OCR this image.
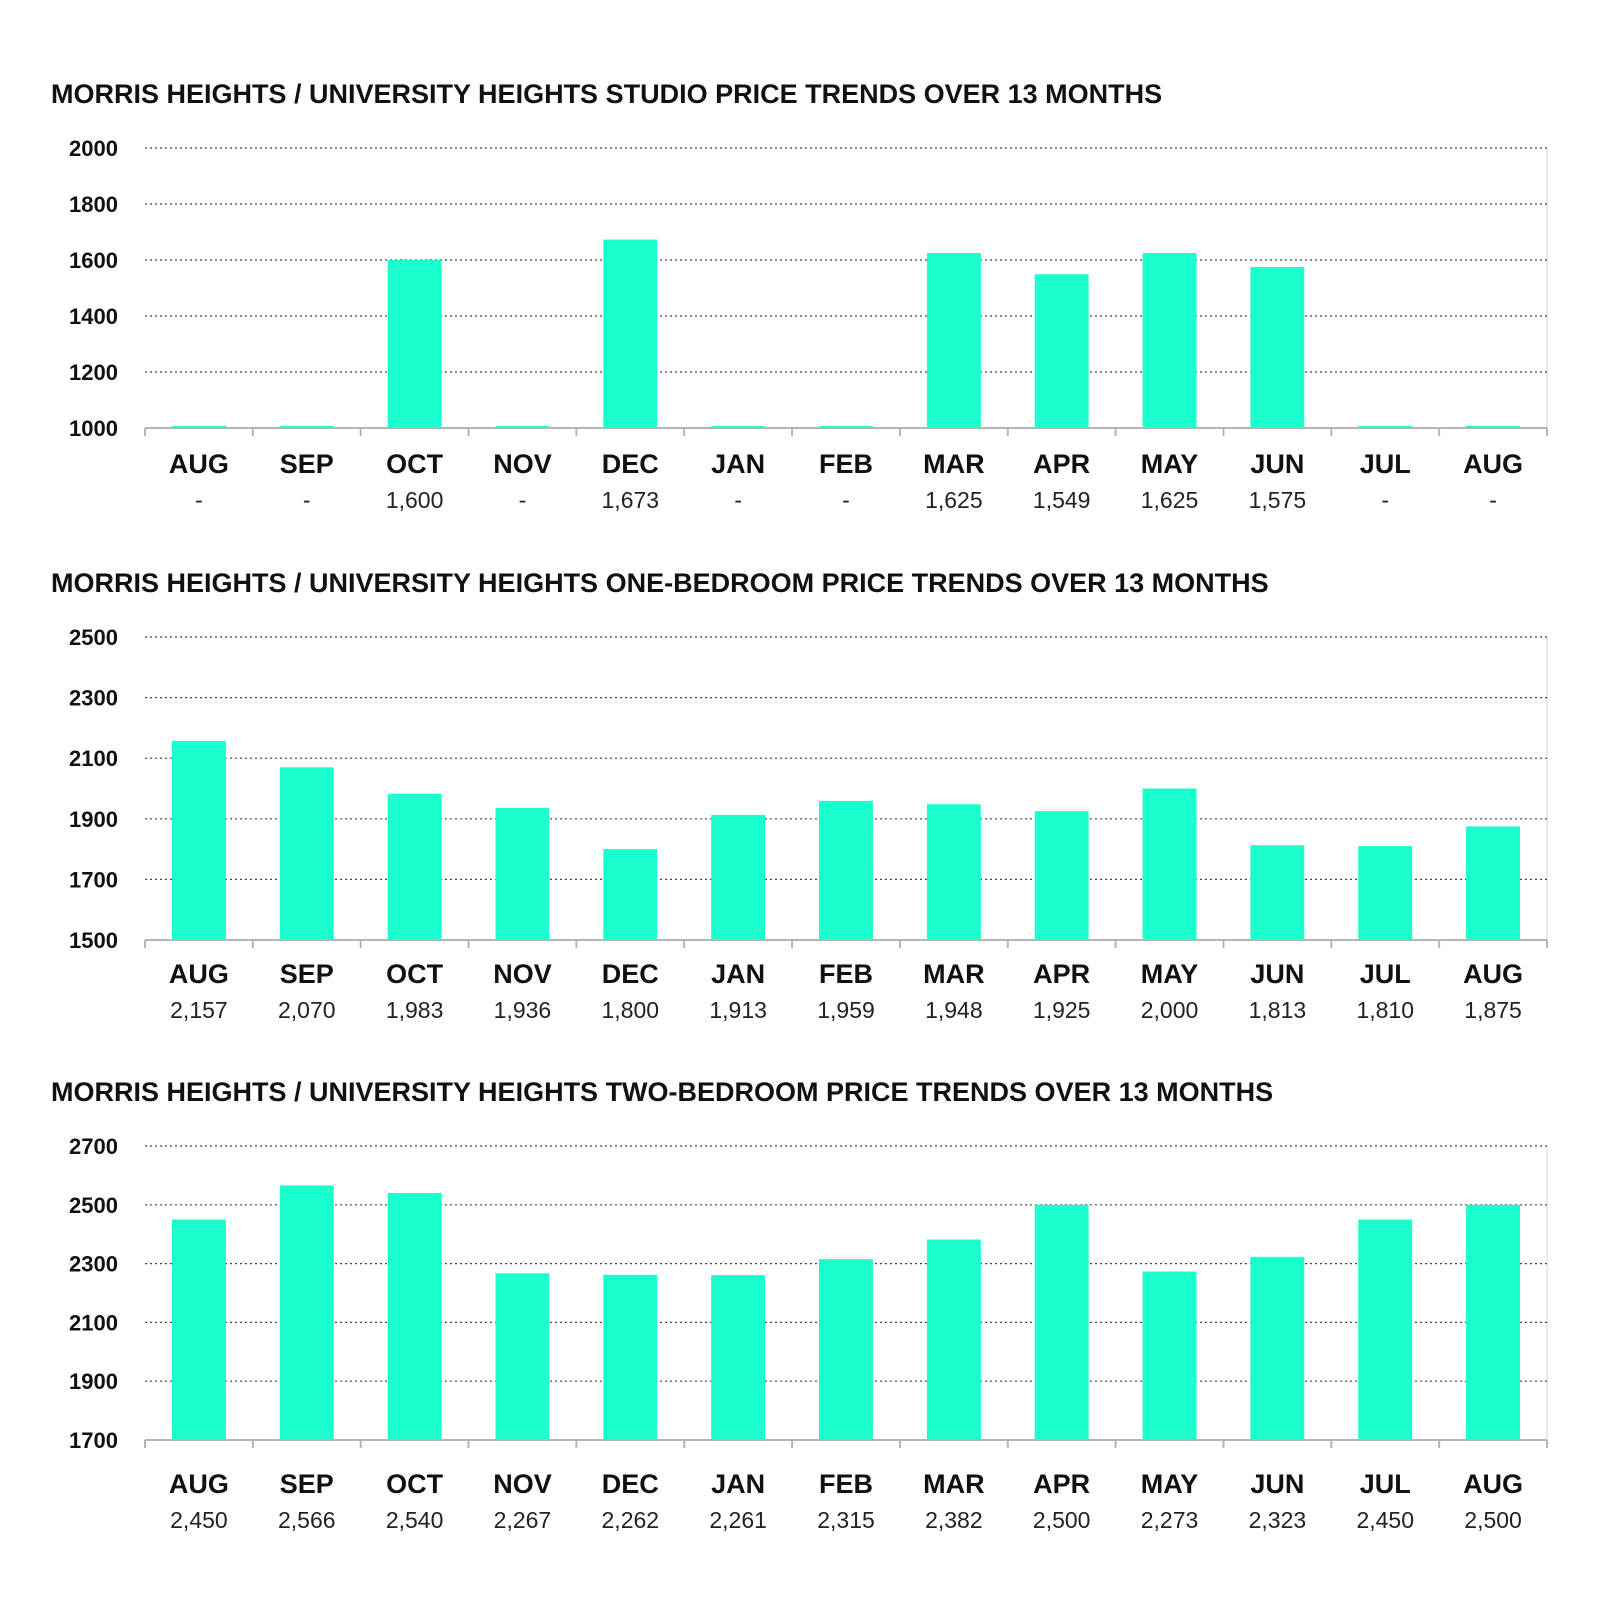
MORRIS HEIGHTS / UNIVERSITY HEIGHTS STUDIO PRICE TRENDS OVER 13 MONTHS
2000
1800
1600
1400
1200
1000
AUG
-
SEP
-
OCT
1,600
NOV
-
DEC
1,673
JAN
-
FEB
-
MAR
1,625
APR
1,549
MAY
1,625
JUN
1,575
JUL
-
AUG
-
MORRIS HEIGHTS / UNIVERSITY HEIGHTS ONE-BEDROOM PRICE TRENDS OVER 13 MONTHS
2500
2300
2100
1900
1700
1500
AUG
2,157
SEP
2,070
OCT
1,983
NOV
1,936
DEC
1,800
JAN
1,913
FEB
1,959
MAR
1,948
APR
1,925
MAY
2,000
JUN
1,813
JUL
1,810
AUG
1,875
MORRIS HEIGHTS / UNIVERSITY HEIGHTS TWO-BEDROOM PRICE TRENDS OVER 13 MONTHS
2700
2500
2300
2100
1900
1700
AUG
2,450
SEP
2,566
OCT
2,540
NOV
2,267
DEC
2,262
JAN
2,261
FEB
2,315
MAR
2,382
APR
2,500
MAY
2,273
JUN
2,323
JUL
2,450
AUG
2,500
